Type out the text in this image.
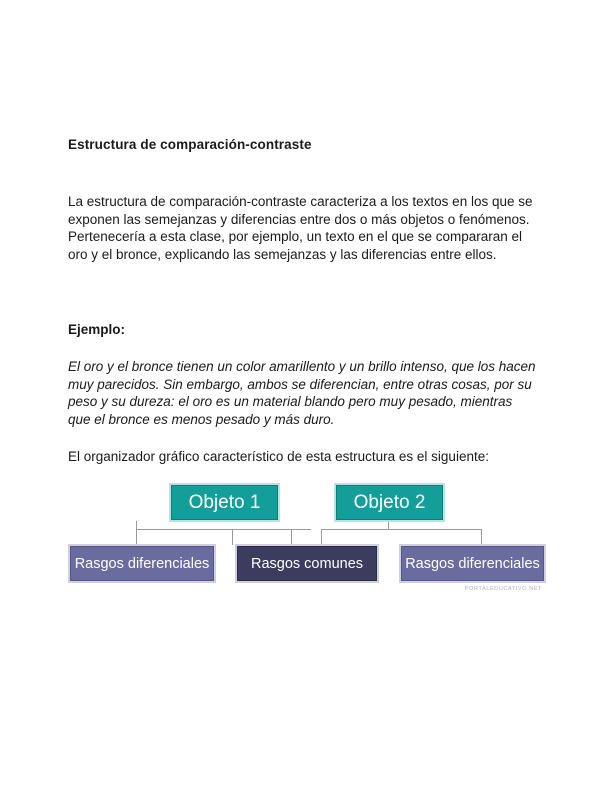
Estructura de comparación-contraste

La estructura de comparación-contraste caracteriza a los textos en los que se exponen las semejanzas y diferencias entre dos o más objetos o fenómenos. Pertenecería a esta clase, por ejemplo, un texto en el que se compararan el oro y el bronce, explicando las semejanzas y las diferencias entre ellos.

Ejemplo:

El oro y el bronce tienen un color amarillento y un brillo intenso, que los hacen muy parecidos. Sin embargo, ambos se diferencian, entre otras cosas, por su peso y su dureza: el oro es un material blando pero muy pesado, mientras que el bronce es menos pesado y más duro.

El organizador gráfico característico de esta estructura es el siguiente:

Objeto 1	Objeto 2
Rasgos diferenciales	Rasgos comunes	Rasgos diferenciales
PORTALEDUCATIVO.NET
